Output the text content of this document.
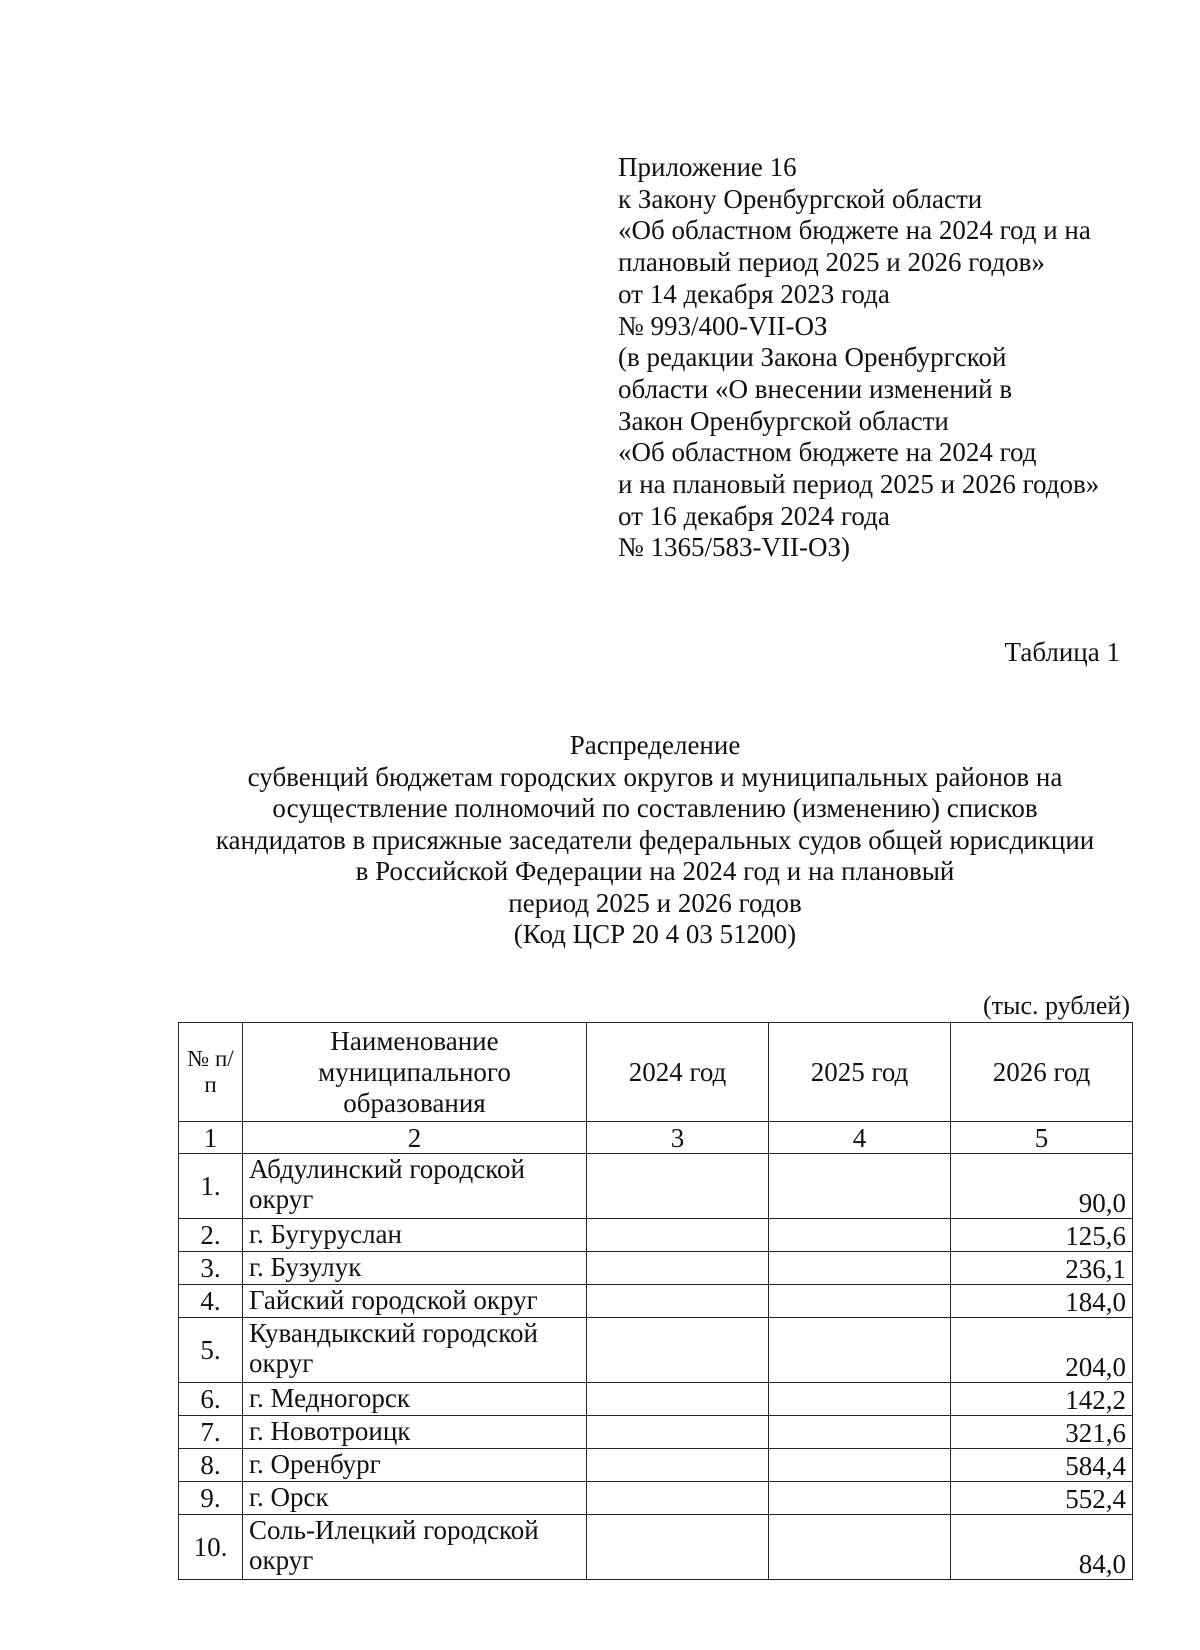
Приложение 16
к Закону Оренбургской области
«Об областном бюджете на 2024 год и на
плановый период 2025 и 2026 годов»
от 14 декабря 2023 года
№ 993/400-VII-ОЗ
(в редакции Закона Оренбургской
области «О внесении изменений в
Закон Оренбургской области
«Об областном бюджете на 2024 год
и на плановый период 2025 и 2026 годов»
от 16 декабря 2024 года
№ 1365/583-VII-ОЗ)
Таблица 1
Распределение
субвенций бюджетам городских округов и муниципальных районов на
осуществление полномочий по составлению (изменению) списков
кандидатов в присяжные заседатели федеральных судов общей юрисдикции
в Российской Федерации на 2024 год и на плановый
период 2025 и 2026 годов
(Код ЦСР 20 4 03 51200)
(тыс. рублей)
№ п/п	Наименование муниципального образования	2024 год	2025 год	2026 год
1	2	3	4	5
1.	Абдулинский городской округ			90,0
2.	г. Бугуруслан			125,6
3.	г. Бузулук			236,1
4.	Гайский городской округ			184,0
5.	Кувандыкский городской округ			204,0
6.	г. Медногорск			142,2
7.	г. Новотроицк			321,6
8.	г. Оренбург			584,4
9.	г. Орск			552,4
10.	Соль-Илецкий городской округ			84,0
